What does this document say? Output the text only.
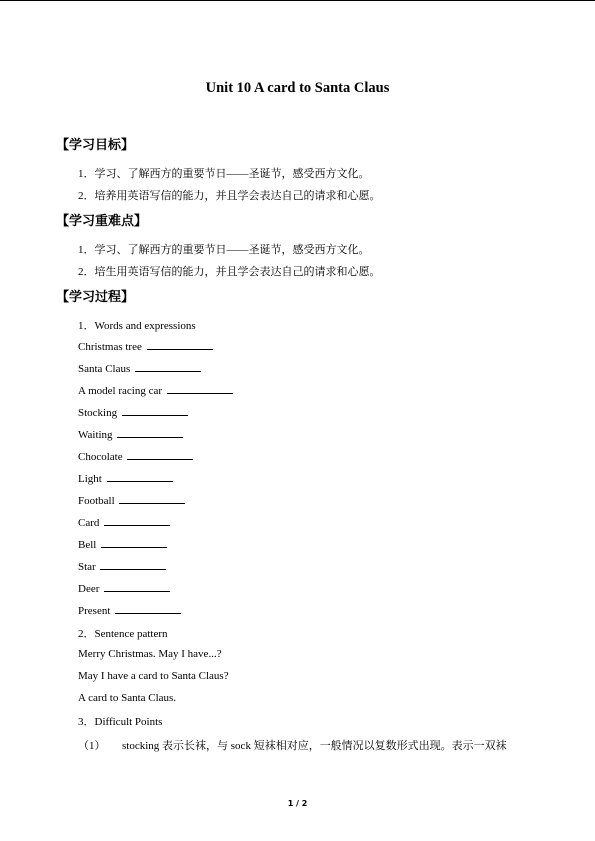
Unit 10 A card to Santa Claus
【学习目标】
1．学习、了解西方的重要节日——圣诞节，感受西方文化。
2．培养用英语写信的能力，并且学会表达自己的请求和心愿。
【学习重难点】
1．学习、了解西方的重要节日——圣诞节，感受西方文化。
2．培生用英语写信的能力，并且学会表达自己的请求和心愿。
【学习过程】
1．Words and expressions
Christmas tree
Santa Claus
A model racing car
Stocking
Waiting
Chocolate
Light
Football
Card
Bell
Star
Deer
Present
2．Sentence pattern
Merry Christmas. May I have...?
May I have a card to Santa Claus?
A card to Santa Claus.
3．Difficult Points
（1） stocking 表示长袜，与 sock 短袜相对应，一般情况以复数形式出现。表示一双袜
1 / 2
